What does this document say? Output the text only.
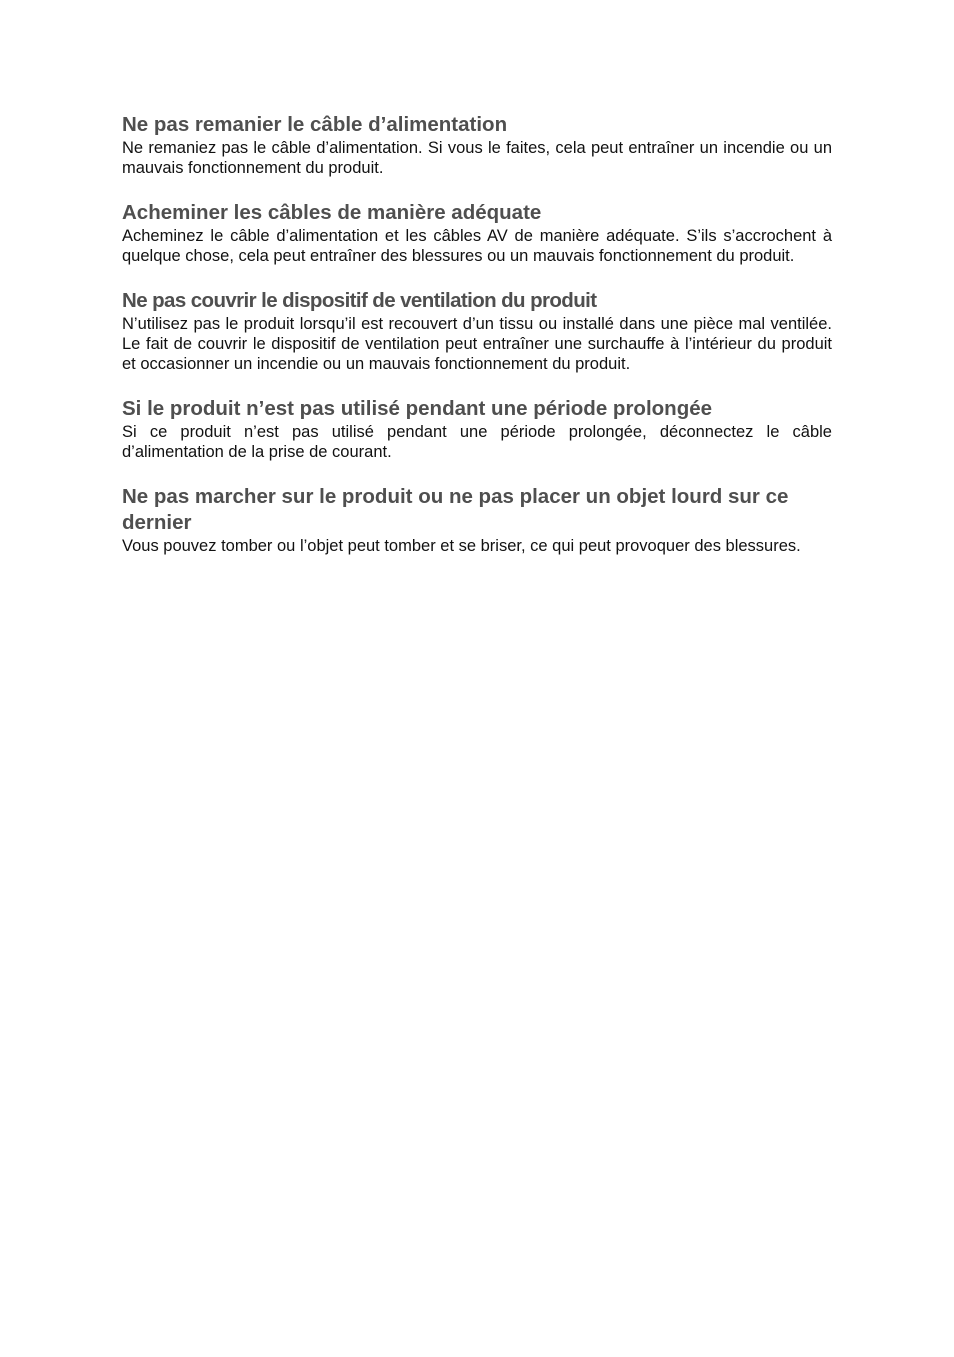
Ne pas remanier le câble d’alimentation

Ne remaniez pas le câble d’alimentation. Si vous le faites, cela peut entraîner un incendie ou un mauvais fonctionnement du produit.

Acheminer les câbles de manière adéquate

Acheminez le câble d’alimentation et les câbles AV de manière adéquate. S’ils s’accrochent à quelque chose, cela peut entraîner des blessures ou un mauvais fonctionnement du produit.

Ne pas couvrir le dispositif de ventilation du produit

N’utilisez pas le produit lorsqu’il est recouvert d’un tissu ou installé dans une pièce mal ventilée. Le fait de couvrir le dispositif de ventilation peut entraîner une surchauffe à l’intérieur du produit et occasionner un incendie ou un mauvais fonctionnement du produit.

Si le produit n’est pas utilisé pendant une période prolongée

Si ce produit n’est pas utilisé pendant une période prolongée, déconnectez le câble d’alimentation de la prise de courant.

Ne pas marcher sur le produit ou ne pas placer un objet lourd sur ce dernier

Vous pouvez tomber ou l’objet peut tomber et se briser, ce qui peut provoquer des blessures.
